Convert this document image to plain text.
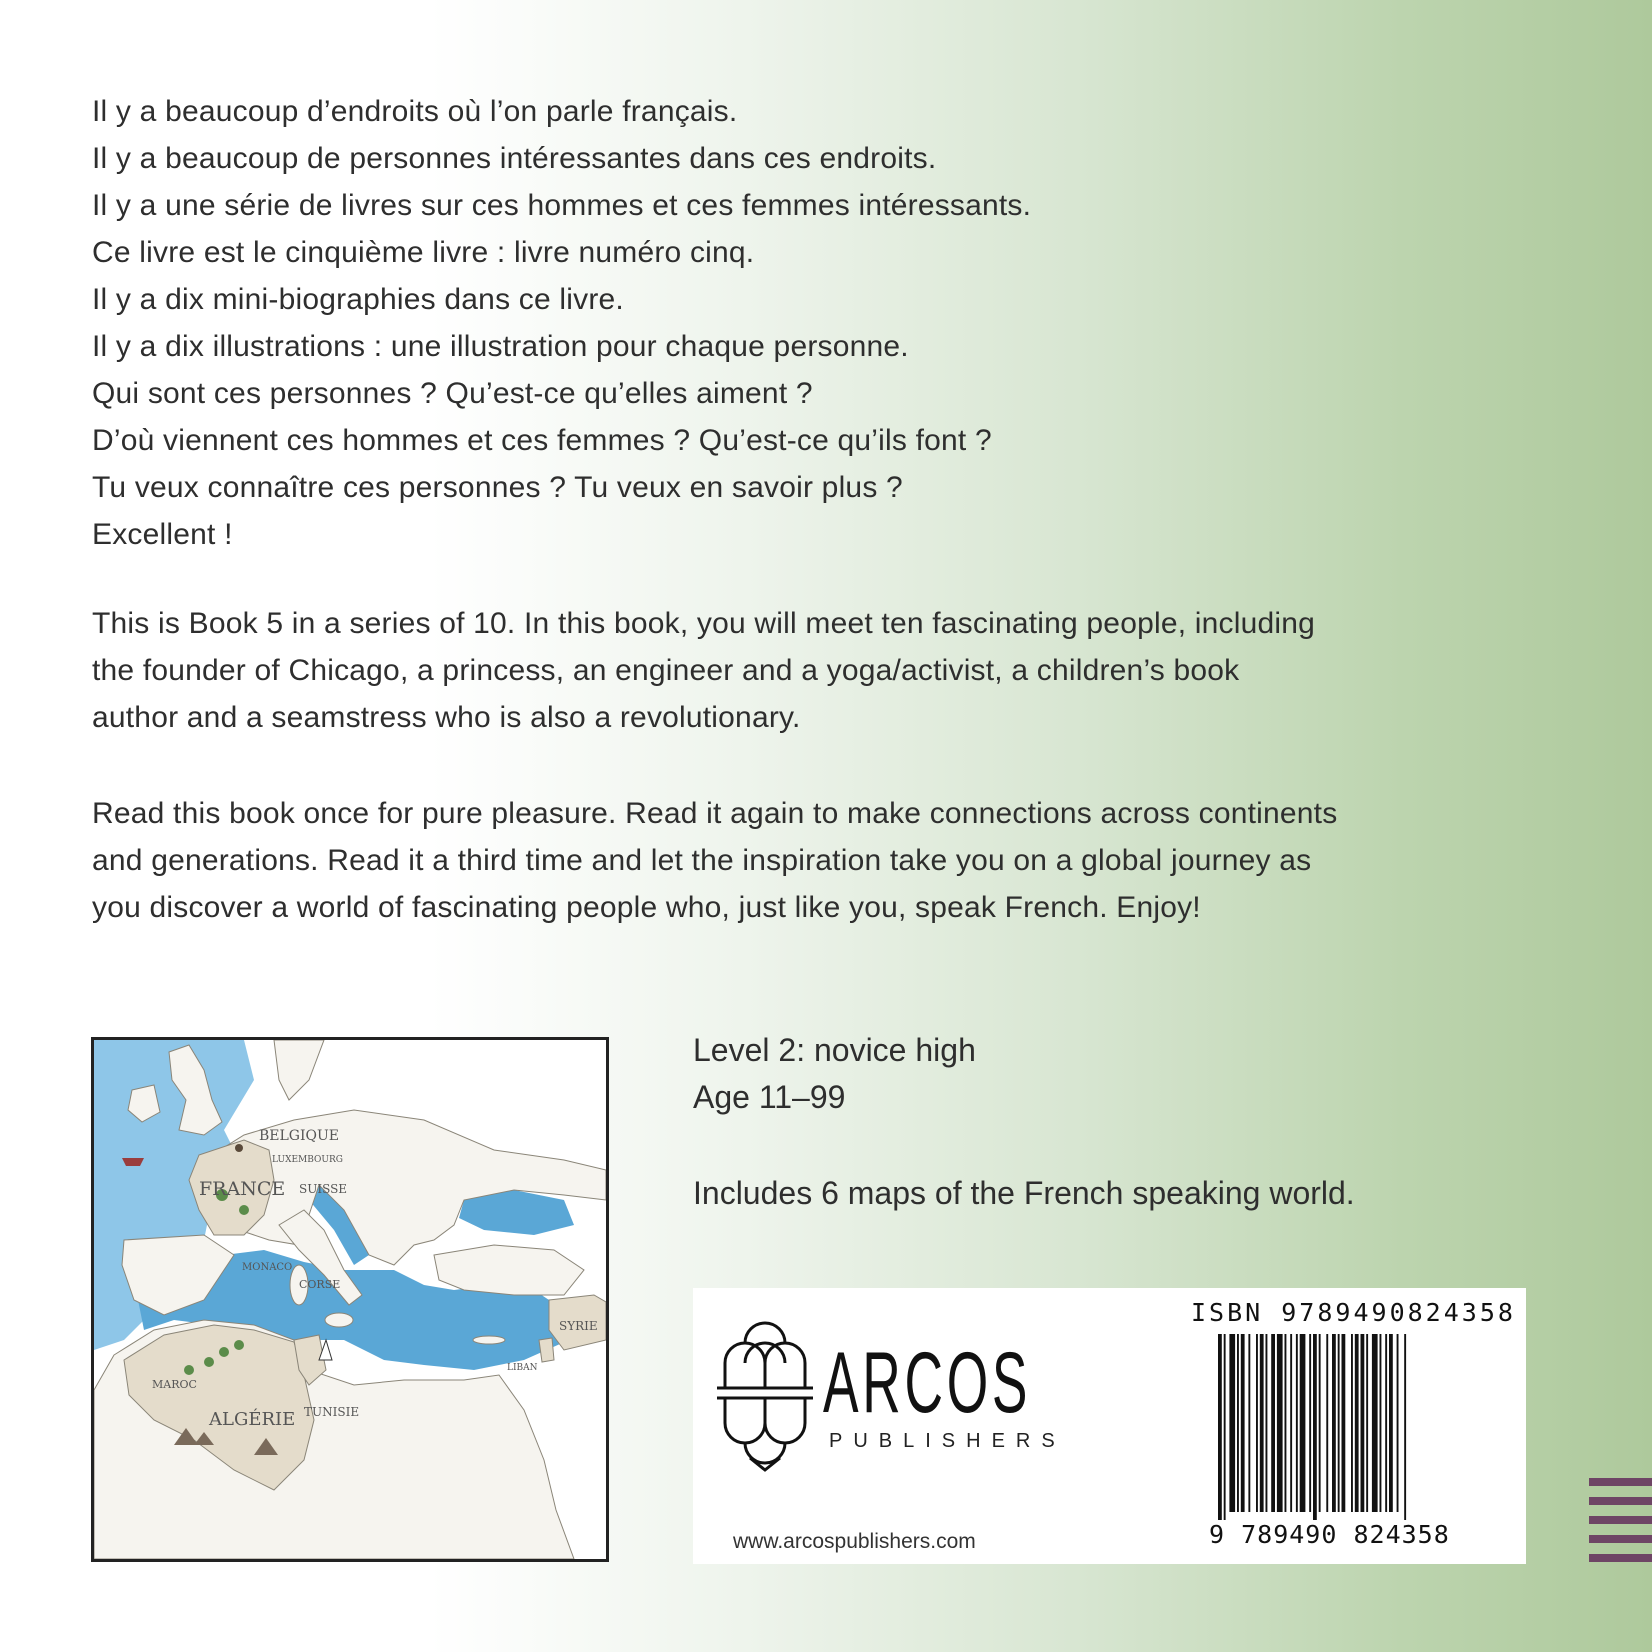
Il y a beaucoup d’endroits où l’on parle français.
Il y a beaucoup de personnes intéressantes dans ces endroits.
Il y a une série de livres sur ces hommes et ces femmes intéressants.
Ce livre est le cinquième livre : livre numéro cinq.
Il y a dix mini-biographies dans ce livre.
Il y a dix illustrations : une illustration pour chaque personne.
Qui sont ces personnes ? Qu’est-ce qu’elles aiment ?
D’où viennent ces hommes et ces femmes ? Qu’est-ce qu’ils font ?
Tu veux connaître ces personnes ? Tu veux en savoir plus ?
Excellent !
This is Book 5 in a series of 10. In this book, you will meet ten fascinating people, including
the founder of Chicago, a princess, an engineer and a yoga/activist, a children’s book
author and a seamstress who is also a revolutionary.
Read this book once for pure pleasure. Read it again to make connections across continents
and generations. Read it a third time and let the inspiration take you on a global journey as
you discover a world of fascinating people who, just like you, speak French. Enjoy!
BELGIQUE
LUXEMBOURG
FRANCE SUISSE
MONACO
CORSE
MAROC
ALGÉRIE TUNISIE
LIBAN
SYRIE
Level 2: novice high
Age 11–99
Includes 6 maps of the French speaking world.
ARCOS
PUBLISHERS
www.arcospublishers.com
ISBN 9789490824358
9 789490 824358
